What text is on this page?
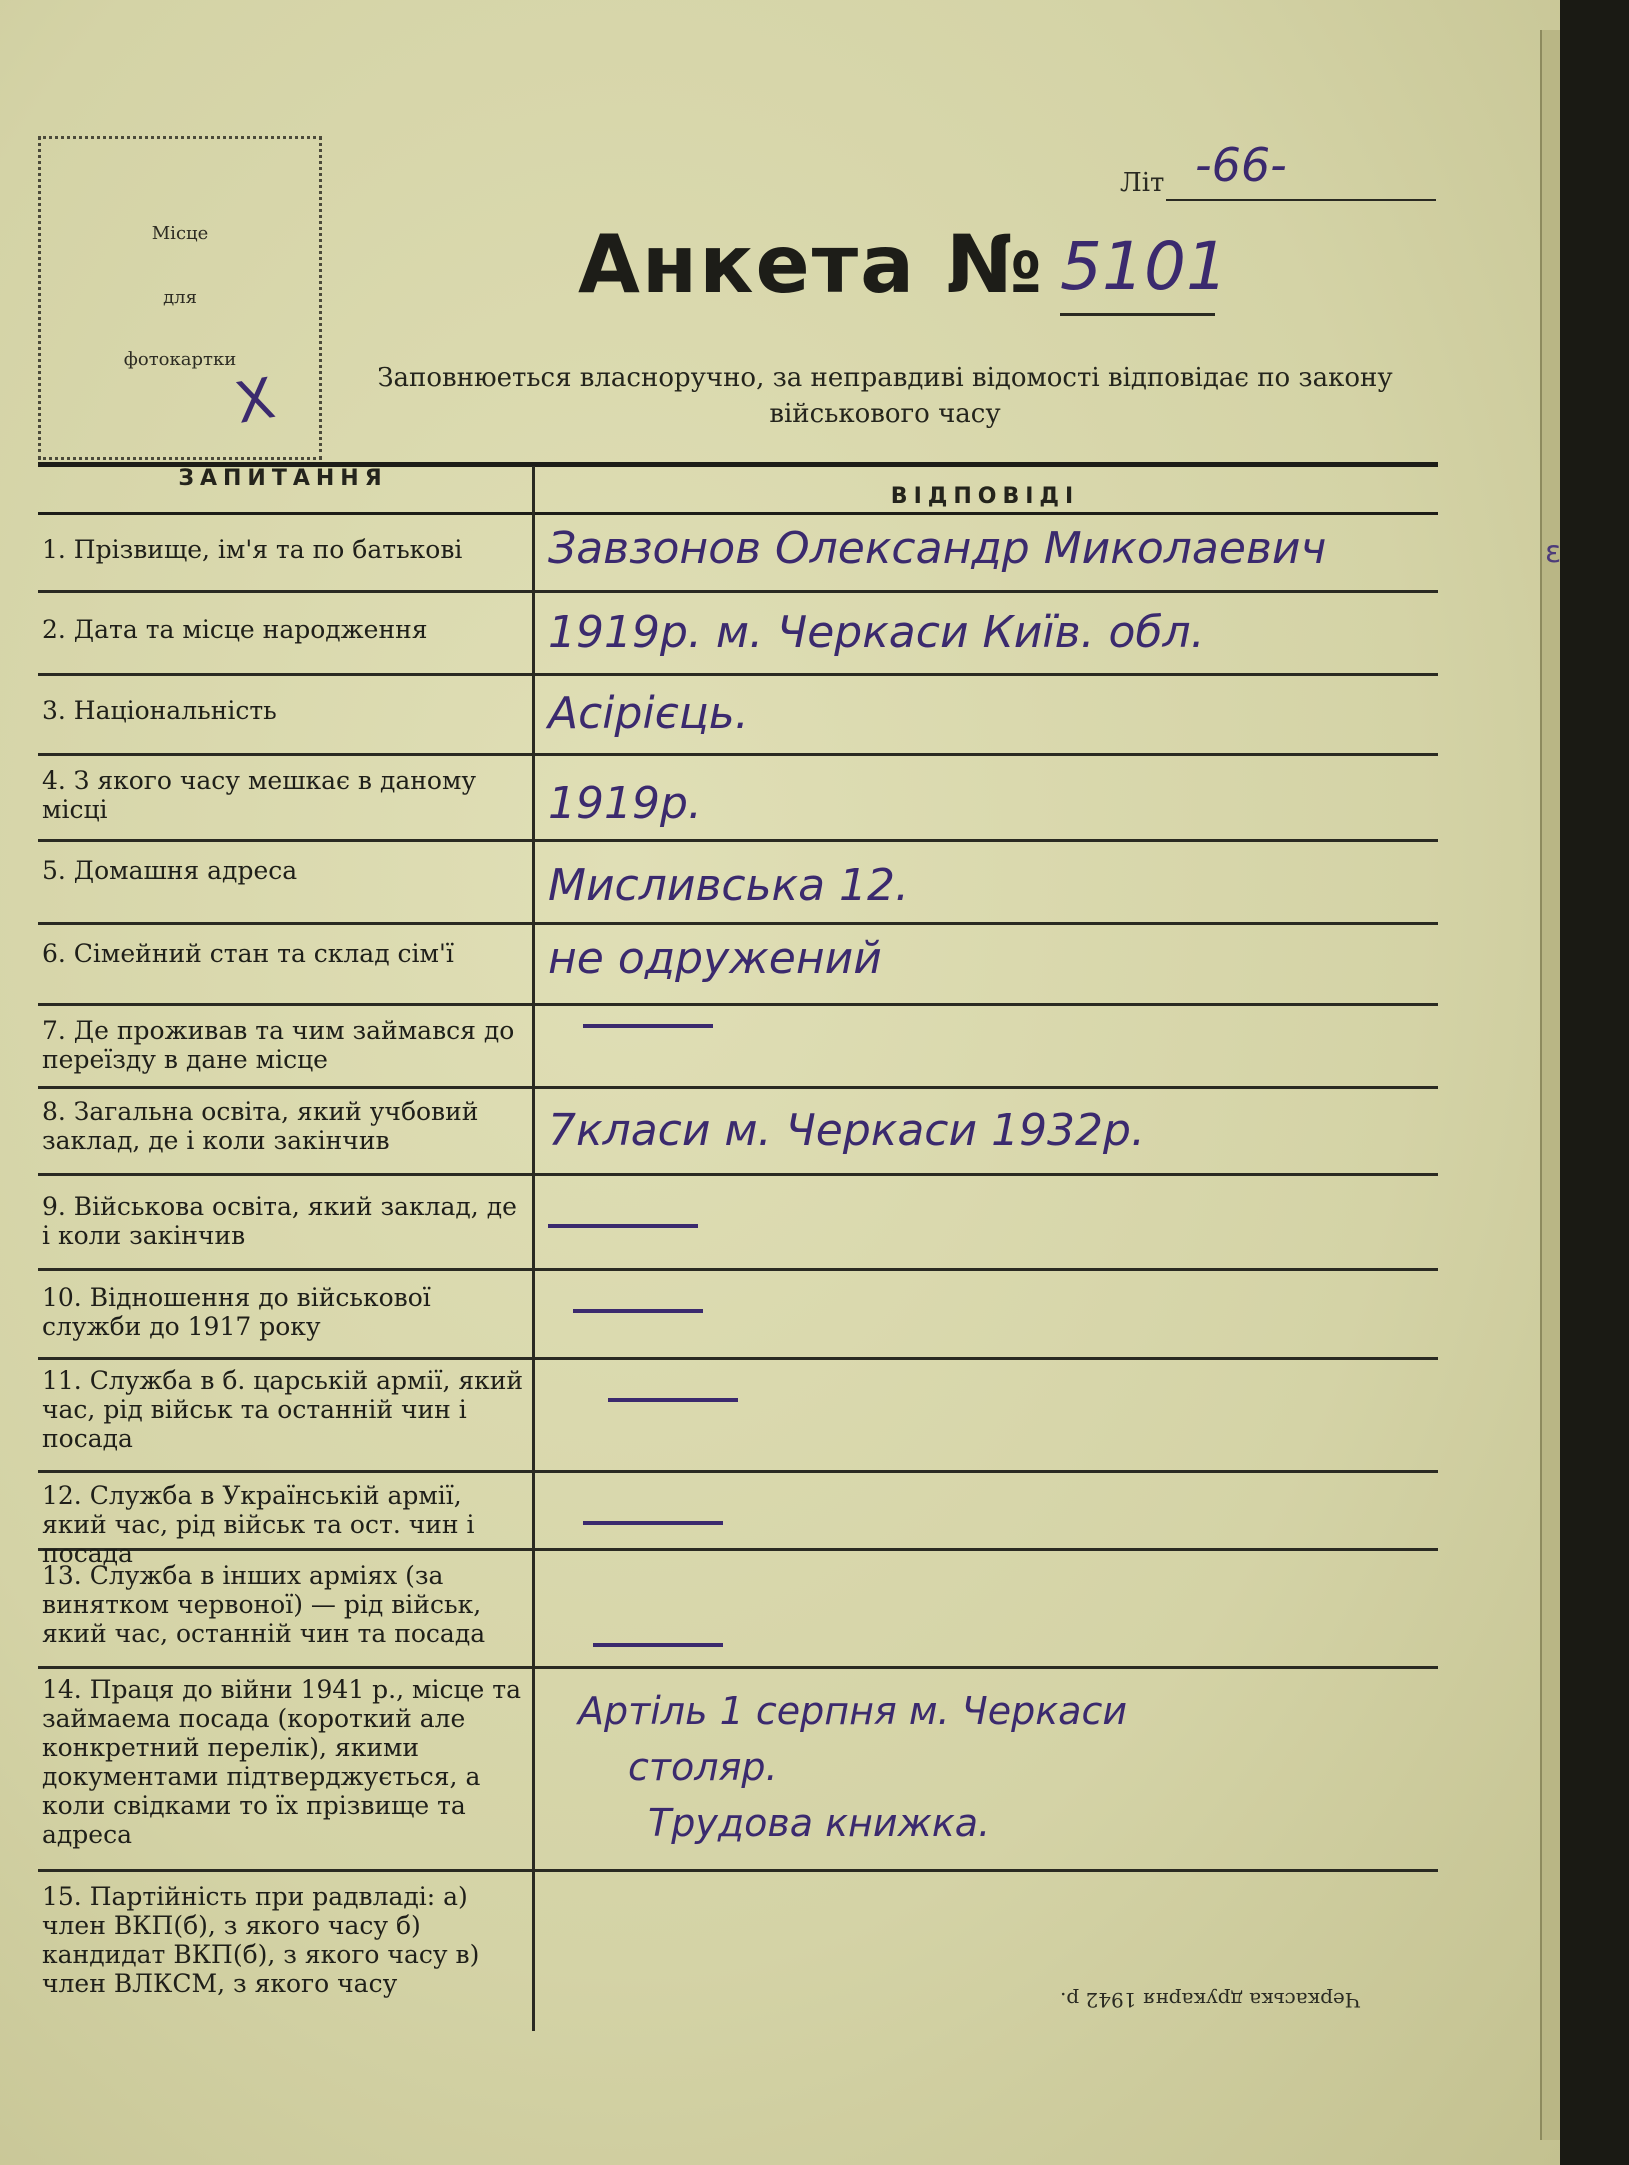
Місце
для
фотокартки
X
Літ -66-
Анкета № 5101
Заповнюеться власноручно, за неправдиві відомості відповідає по закону військового часу
ЗАПИТАННЯ
ВІДПОВІДІ
1. Прізвище, ім'я та по батькові	Завзонов Олександр Миколаевич
2. Дата та місце народження	1919р. м. Черкаси Київ. обл.
3. Національність	Асірієць.
4. З якого часу мешкає в даному місці	1919р.
5. Домашня адреса	Мисливська 12.
6. Сімейний стан та склад сім'ї	не одружений
7. Де проживав та чим займався до переїзду в дане місце
8. Загальна освіта, який учбовий заклад, де і коли закінчив	7класи м. Черкаси 1932р.
9. Військова освіта, який заклад, де і коли закінчив
10. Відношення до військової служби до 1917 року
11. Служба в б. царській армії, який час, рід військ та останній чин і посада
12. Служба в Українській армії, який час, рід військ та ост. чин і посада
13. Служба в інших арміях (за винятком червоної) — рід військ, який час, останній чин та посада
14. Праця до війни 1941 р., місце та займаема посада (короткий але конкретний перелік), якими документами підтверджується, а коли свідками то їх прізвище та адреса
Артіль 1 серпня м. Черкаси
столяр.
Трудова книжка.
15. Партійність при радвладі: а) член ВКП(б), з якого часу б) кандидат ВКП(б), з якого часу в) член ВЛКСМ, з якого часу
Черкаська друкарня 1942 р.
ε
